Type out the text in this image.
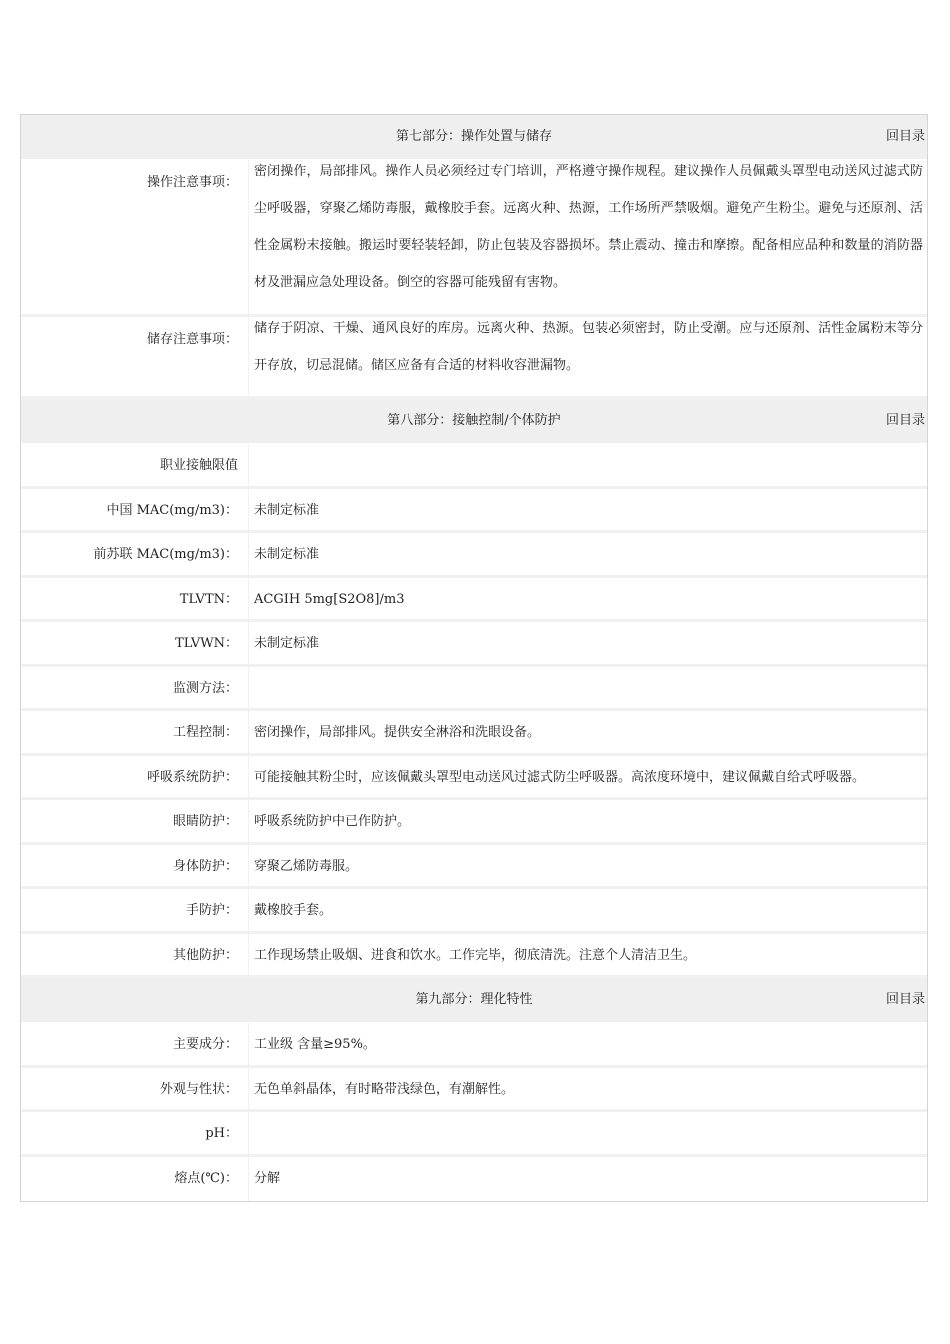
第七部分：操作处置与储存	回目录
操作注意事项：
密闭操作，局部排风。操作人员必须经过专门培训，严格遵守操作规程。建议操作人员佩戴头罩型电动送风过滤式防尘呼吸器，穿聚乙烯防毒服，戴橡胶手套。远离火种、热源，工作场所严禁吸烟。避免产生粉尘。避免与还原剂、活性金属粉末接触。搬运时要轻装轻卸，防止包装及容器损坏。禁止震动、撞击和摩擦。配备相应品种和数量的消防器材及泄漏应急处理设备。倒空的容器可能残留有害物。
储存注意事项：
储存于阴凉、干燥、通风良好的库房。远离火种、热源。包装必须密封，防止受潮。应与还原剂、活性金属粉末等分开存放，切忌混储。储区应备有合适的材料收容泄漏物。
第八部分：接触控制/个体防护	回目录
职业接触限值
中国 MAC(mg/m3)：	未制定标准
前苏联 MAC(mg/m3)：	未制定标准
TLVTN：	ACGIH 5mg[S2O8]/m3
TLVWN：	未制定标准
监测方法：
工程控制：	密闭操作，局部排风。提供安全淋浴和洗眼设备。
呼吸系统防护：	可能接触其粉尘时，应该佩戴头罩型电动送风过滤式防尘呼吸器。高浓度环境中，建议佩戴自给式呼吸器。
眼睛防护：	呼吸系统防护中已作防护。
身体防护：	穿聚乙烯防毒服。
手防护：	戴橡胶手套。
其他防护：	工作现场禁止吸烟、进食和饮水。工作完毕，彻底清洗。注意个人清洁卫生。
第九部分：理化特性	回目录
主要成分：	工业级 含量≥95%。
外观与性状：	无色单斜晶体，有时略带浅绿色，有潮解性。
pH：
熔点(℃)：	分解
